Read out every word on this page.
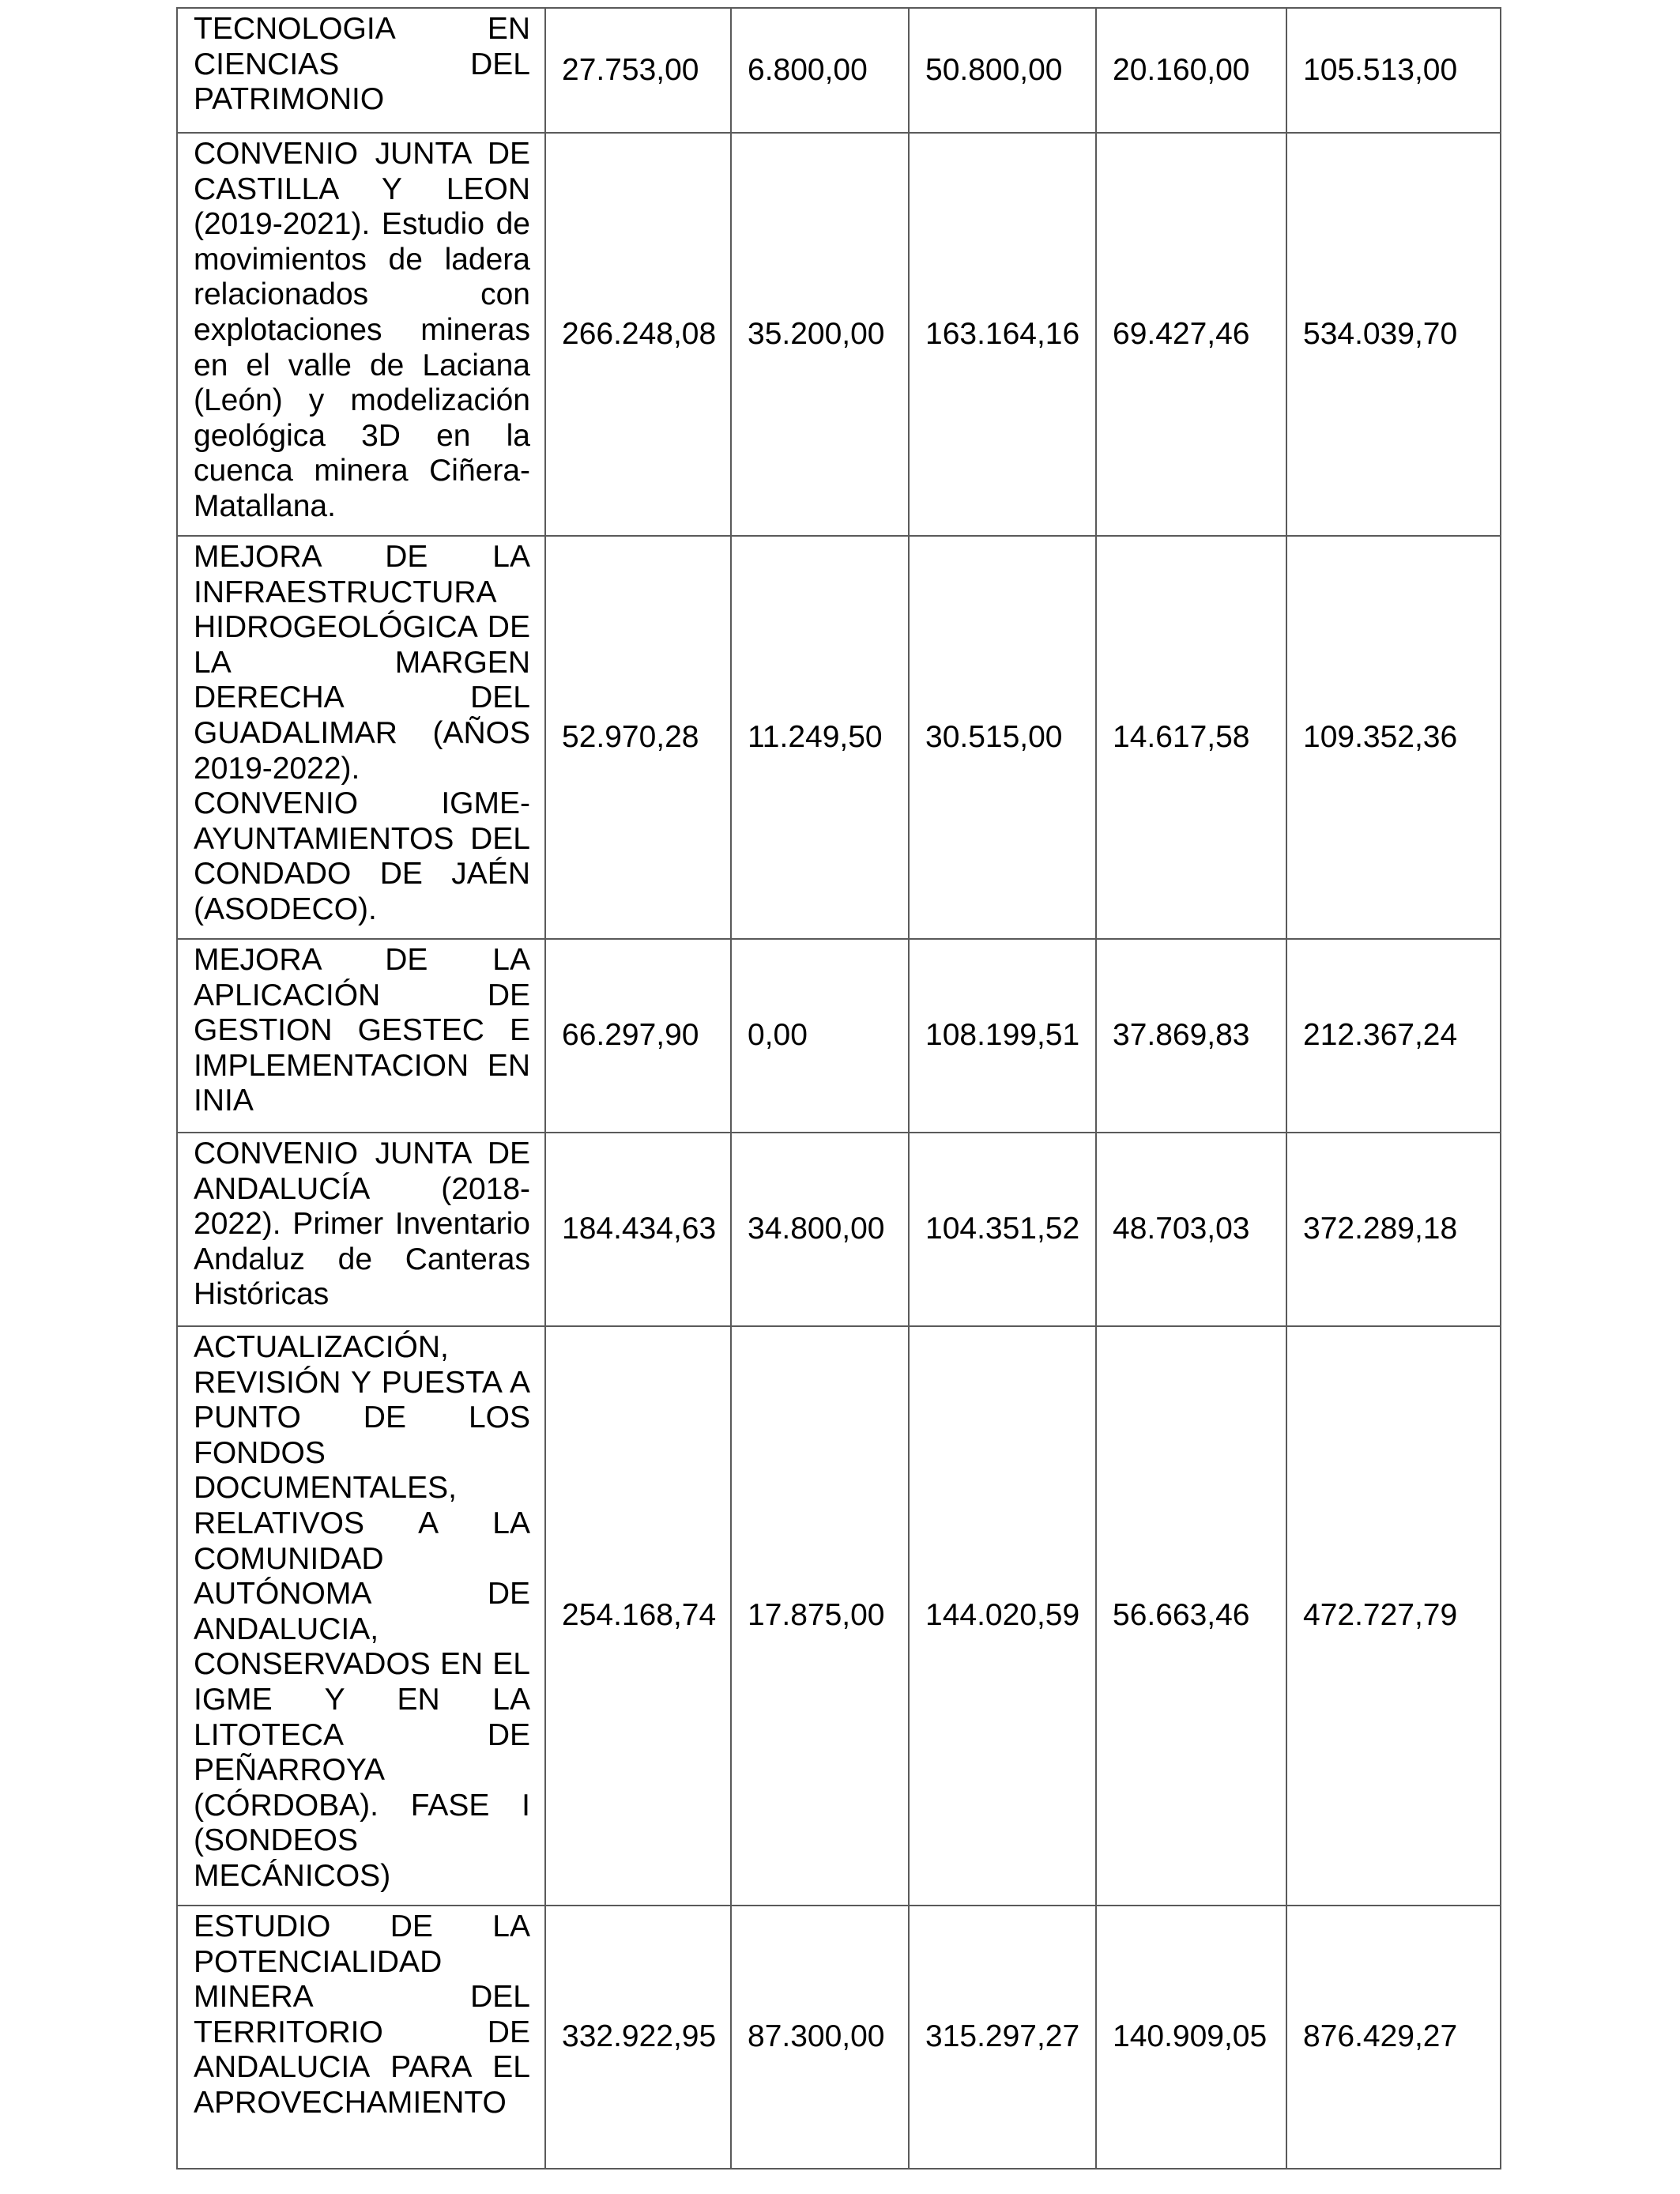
TECNOLOGIA EN CIENCIAS DEL PATRIMONIO	27.753,00	6.800,00	50.800,00	20.160,00	105.513,00
CONVENIO JUNTA DE CASTILLA Y LEON (2019-2021). Estudio de movimientos de ladera relacionados con explotaciones mineras en el valle de Laciana (León) y modelización geológica 3D en la cuenca minera Ciñera-Matallana.	266.248,08	35.200,00	163.164,16	69.427,46	534.039,70
MEJORA DE LA INFRAESTRUCTURA HIDROGEOLÓGICA DE LA MARGEN DERECHA DEL GUADALIMAR (AÑOS 2019-2022). CONVENIO IGME-AYUNTAMIENTOS DEL CONDADO DE JAÉN (ASODECO).	52.970,28	11.249,50	30.515,00	14.617,58	109.352,36
MEJORA DE LA APLICACIÓN DE GESTION GESTEC E IMPLEMENTACION EN INIA	66.297,90	0,00	108.199,51	37.869,83	212.367,24
CONVENIO JUNTA DE ANDALUCÍA (2018-2022). Primer Inventario Andaluz de Canteras Históricas	184.434,63	34.800,00	104.351,52	48.703,03	372.289,18
ACTUALIZACIÓN, REVISIÓN Y PUESTA A PUNTO DE LOS FONDOS DOCUMENTALES, RELATIVOS A LA COMUNIDAD AUTÓNOMA DE ANDALUCIA, CONSERVADOS EN EL IGME Y EN LA LITOTECA DE PEÑARROYA (CÓRDOBA). FASE I (SONDEOS MECÁNICOS)	254.168,74	17.875,00	144.020,59	56.663,46	472.727,79
ESTUDIO DE LA POTENCIALIDAD MINERA DEL TERRITORIO DE ANDALUCIA PARA EL APROVECHAMIENTO	332.922,95	87.300,00	315.297,27	140.909,05	876.429,27
